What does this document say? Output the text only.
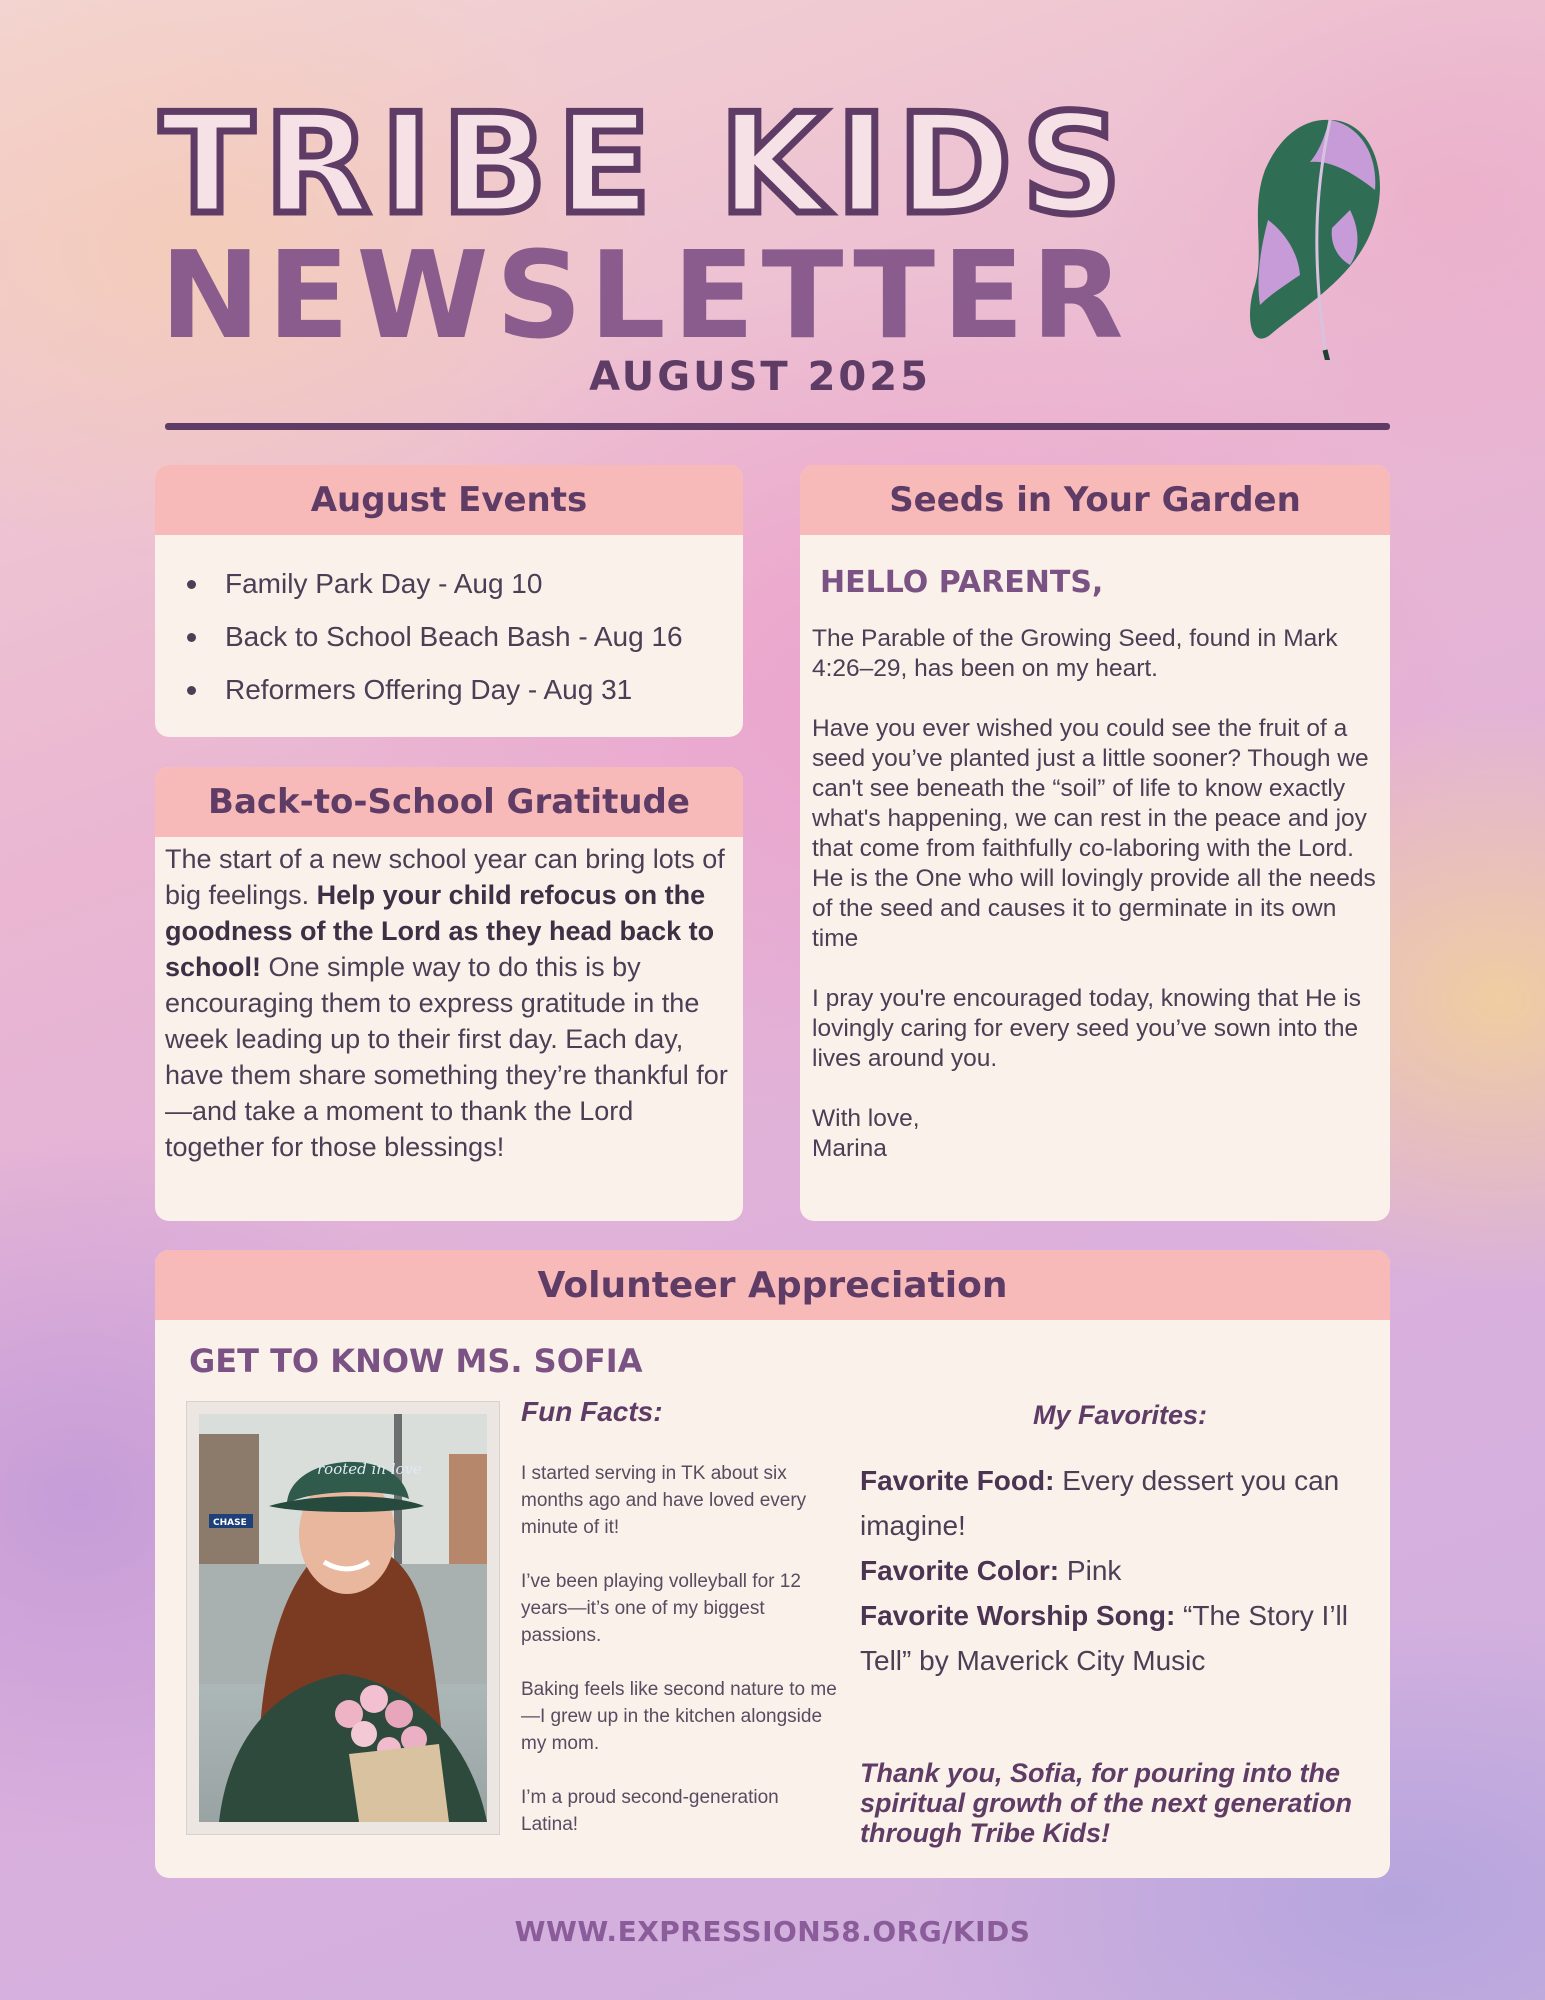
TRIBE KIDS
NEWSLETTER
AUGUST 2025
August Events
Family Park Day - Aug 10
Back to School Beach Bash - Aug 16
Reformers Offering Day - Aug 31
Back-to-School Gratitude
The start of a new school year can bring lots of big feelings. Help your child refocus on the goodness of the Lord as they head back to school! One simple way to do this is by encouraging them to express gratitude in the week leading up to their first day. Each day, have them share something they’re thankful for—and take a moment to thank the Lord together for those blessings!
Seeds in Your Garden
HELLO PARENTS,

The Parable of the Growing Seed, found in Mark 4:26–29, has been on my heart.

Have you ever wished you could see the fruit of a seed you’ve planted just a little sooner? Though we can't see beneath the “soil” of life to know exactly what's happening, we can rest in the peace and joy that come from faithfully co-laboring with the Lord. He is the One who will lovingly provide all the needs of the seed and causes it to germinate in its own time

I pray you're encouraged today, knowing that He is lovingly caring for every seed you’ve sown into the lives around you.

With love,
Marina

Volunteer Appreciation
GET TO KNOW MS. SOFIA
CHASE
rooted in love
Fun Facts:

I started serving in TK about six months ago and have loved every minute of it!

I’ve been playing volleyball for 12 years—it’s one of my biggest passions.

Baking feels like second nature to me—I grew up in the kitchen alongside my mom.

I’m a proud second-generation Latina!

My Favorites:
Favorite Food: Every dessert you can imagine!
Favorite Color: Pink
Favorite Worship Song: “The Story I’ll Tell” by Maverick City Music
Thank you, Sofia, for pouring into the spiritual growth of the next generation through Tribe Kids!
WWW.EXPRESSION58.ORG/KIDS
